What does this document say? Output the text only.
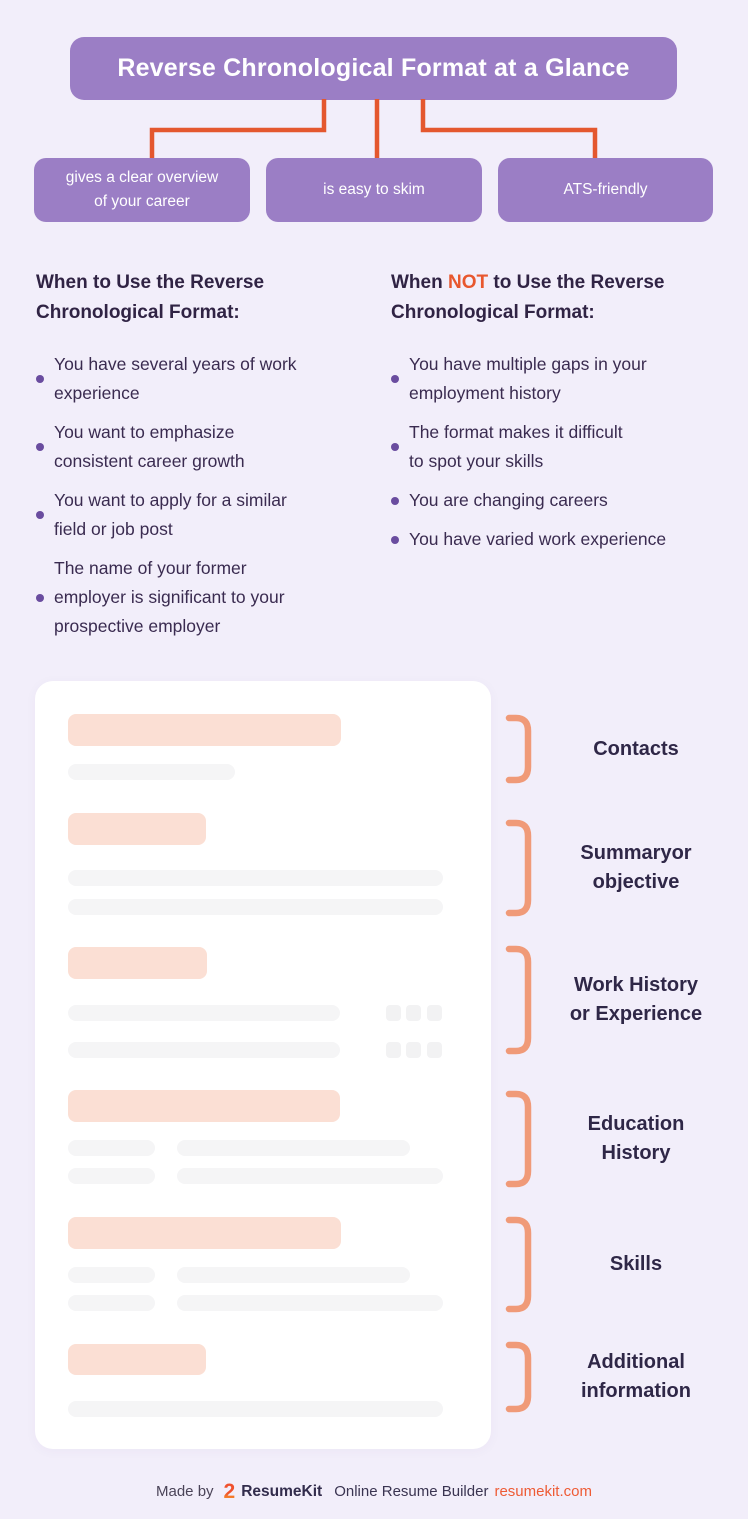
Reverse Chronological Format at a Glance
gives a clear overview
of your career
is easy to skim	ATS-friendly
When to Use the Reverse
Chronological Format:
You have several years of work
experience
You want to emphasize
consistent career growth
You want to apply for a similar
field or job post
The name of your former
employer is significant to your
prospective employer
When NOT to Use the Reverse
Chronological Format:
You have multiple gaps in your
employment history
The format makes it difficult
to spot your skills
You are changing careers
You have varied work experience
Contacts
Summaryor
objective
Work History
or Experience
Education
History
Skills
Additional
information
Made by 2 ResumeKit Online Resume Builder resumekit.com
